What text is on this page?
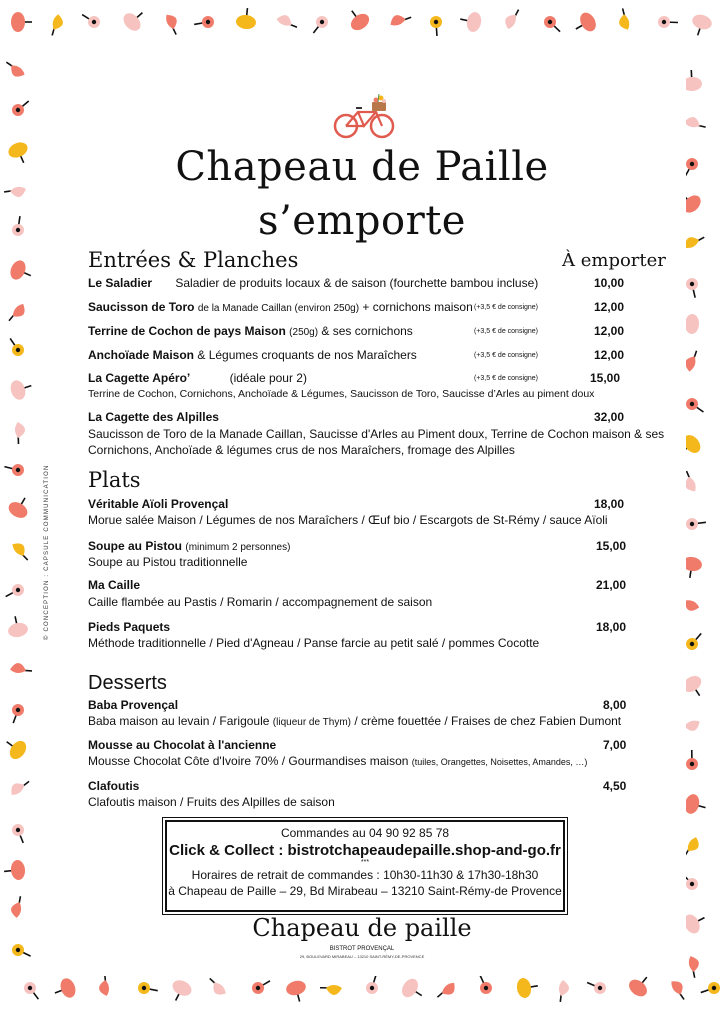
Chapeau de Paille
s’emporte
Entrées & Planches	À emporter
Le Saladier Saladier de produits locaux & de saison (fourchette bambou incluse)	10,00
Saucisson de Toro de la Manade Caillan (environ 250g) + cornichons maison (+3,5 € de consigne)	12,00
Terrine de Cochon de pays Maison (250g) & ses cornichons	(+3,5 € de consigne)	12,00
Anchoïade Maison & Légumes croquants de nos Maraîchers	(+3,5 € de consigne)	12,00
La Cagette Apéro’	(idéale pour 2)	(+3,5 € de consigne)	15,00
Terrine de Cochon, Cornichons, Anchoïade & Légumes, Saucisson de Toro, Saucisse d’Arles au piment doux
La Cagette des Alpilles	32,00
Saucisson de Toro de la Manade Caillan, Saucisse d'Arles au Piment doux, Terrine de Cochon maison & ses
Cornichons, Anchoïade & légumes crus de nos Maraîchers, fromage des Alpilles
Plats
Véritable Aïoli Provençal	18,00
Morue salée Maison / Légumes de nos Maraîchers / Œuf bio / Escargots de St-Rémy / sauce Aïoli
Soupe au Pistou (minimum 2 personnes)	15,00
Soupe au Pistou traditionnelle
Ma Caille	21,00
Caille flambée au Pastis / Romarin / accompagnement de saison
Pieds Paquets	18,00
Méthode traditionnelle / Pied d'Agneau / Panse farcie au petit salé / pommes Cocotte
Desserts
Baba Provençal	8,00
Baba maison au levain / Farigoule (liqueur de Thym) / crème fouettée / Fraises de chez Fabien Dumont
Mousse au Chocolat à l'ancienne	7,00
Mousse Chocolat Côte d'Ivoire 70% / Gourmandises maison (tuiles, Orangettes, Noisettes, Amandes, …)
Clafoutis	4,50
Clafoutis maison / Fruits des Alpilles de saison
Commandes au 04 90 92 85 78
Click & Collect : bistrotchapeaudepaille.shop-and-go.fr
***
Horaires de retrait de commandes : 10h30-11h30 & 17h30-18h30
à Chapeau de Paille – 29, Bd Mirabeau – 13210 Saint-Rémy-de Provence
Chapeau de paille
BISTROT PROVENÇAL
29, BOULEVARD MIRABEAU – 13210 SAINT-RÉMY-DE-PROVENCE
© CONCEPTION : CAPSULE COMMUNICATION
